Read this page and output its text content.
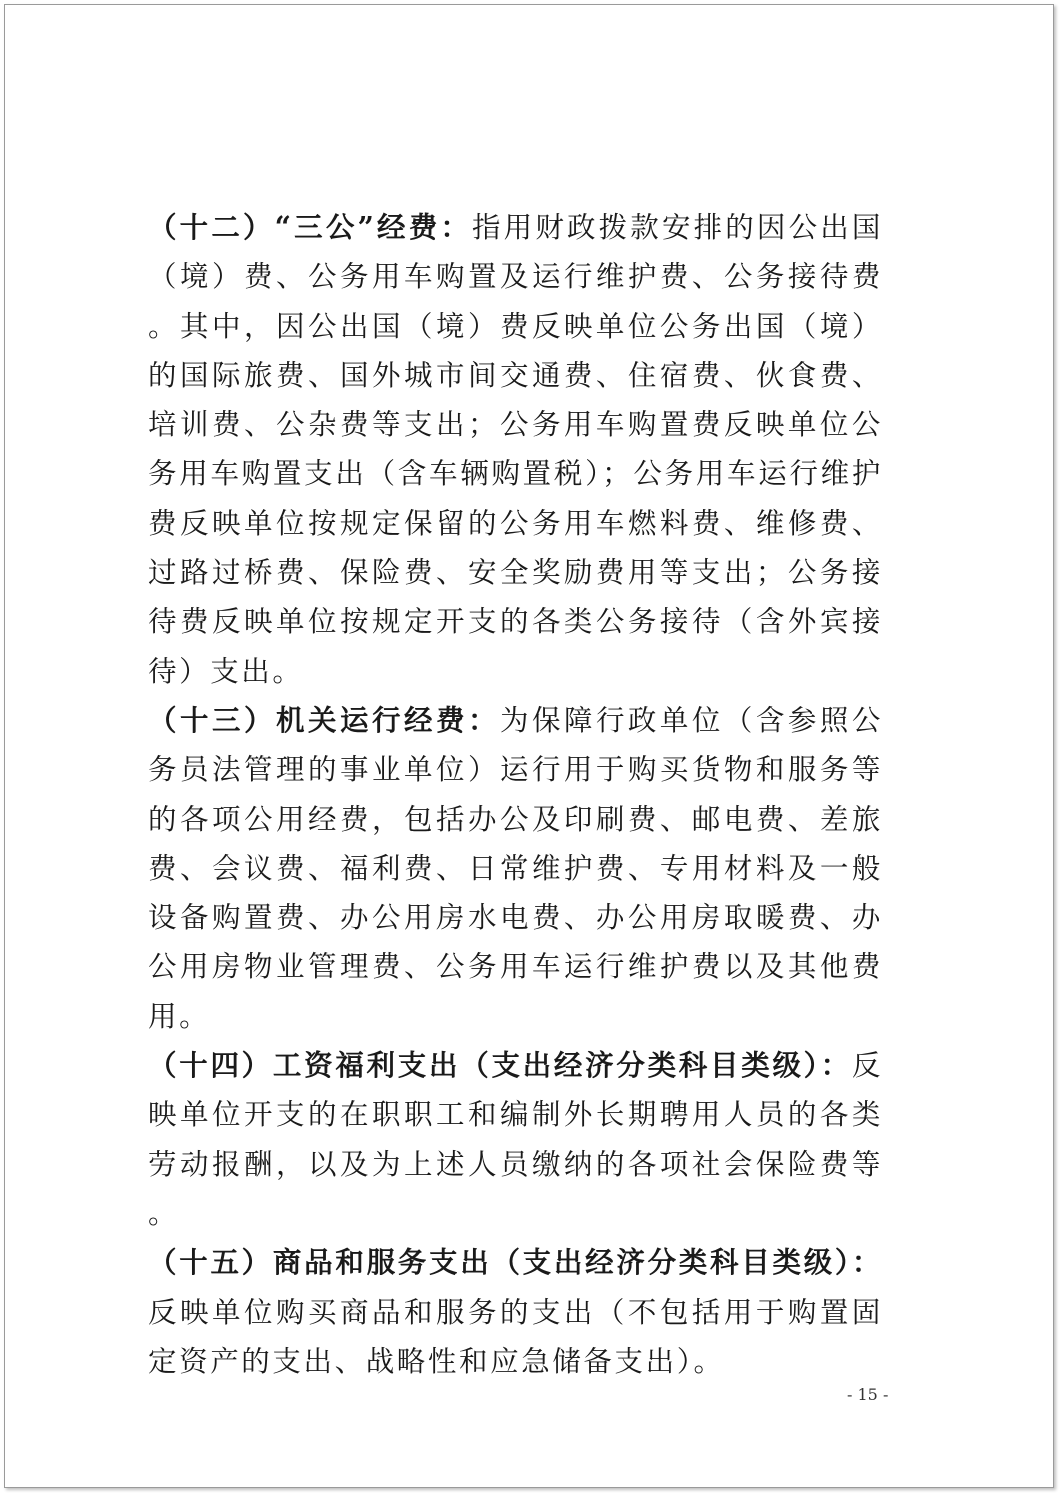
（十二）“三公”经费：指用财政拨款安排的因公出国（境）费、公务用车购置及运行维护费、公务接待费。其中，因公出国（境）费反映单位公务出国（境）的国际旅费、国外城市间交通费、住宿费、伙食费、培训费、公杂费等支出；公务用车购置费反映单位公务用车购置支出（含车辆购置税）；公务用车运行维护费反映单位按规定保留的公务用车燃料费、维修费、过路过桥费、保险费、安全奖励费用等支出；公务接待费反映单位按规定开支的各类公务接待（含外宾接待）支出。

（十三）机关运行经费：为保障行政单位（含参照公务员法管理的事业单位）运行用于购买货物和服务等的各项公用经费，包括办公及印刷费、邮电费、差旅费、会议费、福利费、日常维护费、专用材料及一般设备购置费、办公用房水电费、办公用房取暖费、办公用房物业管理费、公务用车运行维护费以及其他费用。

（十四）工资福利支出（支出经济分类科目类级）：反映单位开支的在职职工和编制外长期聘用人员的各类劳动报酬，以及为上述人员缴纳的各项社会保险费等。

（十五）商品和服务支出（支出经济分类科目类级）：反映单位购买商品和服务的支出（不包括用于购置固定资产的支出、战略性和应急储备支出）。

- 15 -
